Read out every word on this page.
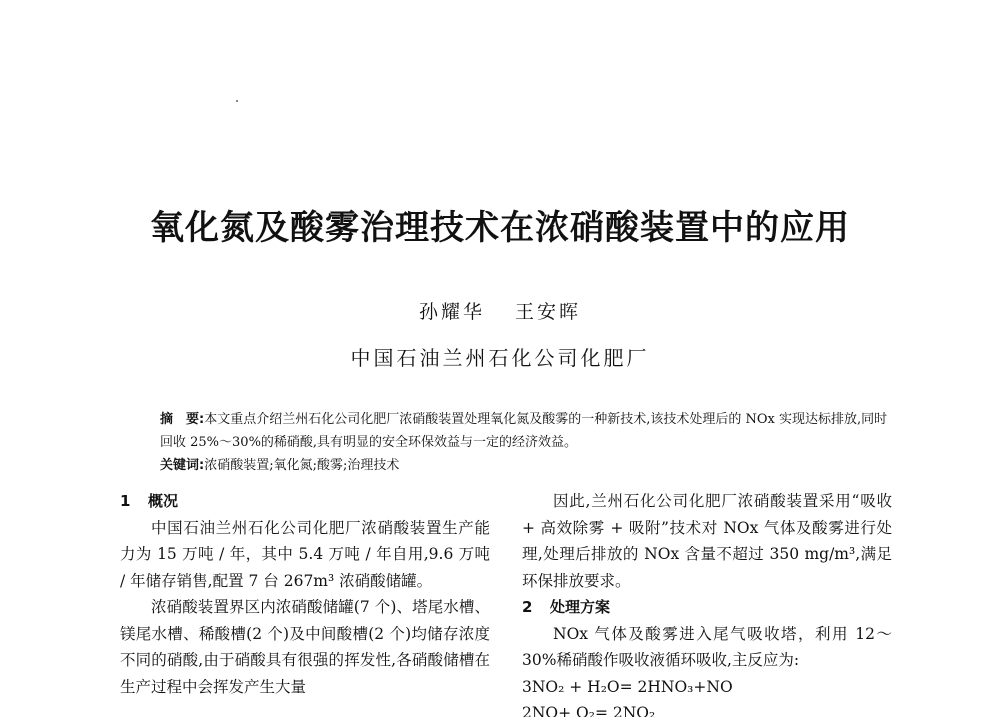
氧化氮及酸雾治理技术在浓硝酸装置中的应用
孙耀华 王安晖
中国石油兰州石化公司化肥厂

摘　要:本文重点介绍兰州石化公司化肥厂浓硝酸装置处理氧化氮及酸雾的一种新技术,该技术处理后的 NOx 实现达标排放,同时回收 25%～30%的稀硝酸,具有明显的安全环保效益与一定的经济效益。

关键词:浓硝酸装置;氧化氮;酸雾;治理技术

1 概况

中国石油兰州石化公司化肥厂浓硝酸装置生产能力为 15 万吨 / 年，其中 5.4 万吨 / 年自用,9.6 万吨 / 年储存销售,配置 7 台 267m³ 浓硝酸储罐。

浓硝酸装置界区内浓硝酸储罐(7 个)、塔尾水槽、镁尾水槽、稀酸槽(2 个)及中间酸槽(2 个)均储存浓度不同的硝酸,由于硝酸具有很强的挥发性,各硝酸储槽在生产过程中会挥发产生大量

因此,兰州石化公司化肥厂浓硝酸装置采用“吸收 + 高效除雾 + 吸附”技术对 NOx 气体及酸雾进行处理,处理后排放的 NOx 含量不超过 350 mg/m³,满足环保排放要求。

2 处理方案

NOx 气体及酸雾进入尾气吸收塔，利用 12～30%稀硝酸作吸收液循环吸收,主反应为:

3NO₂ + H₂O= 2HNO₃+NO

2NO+ O₂= 2NO₂
